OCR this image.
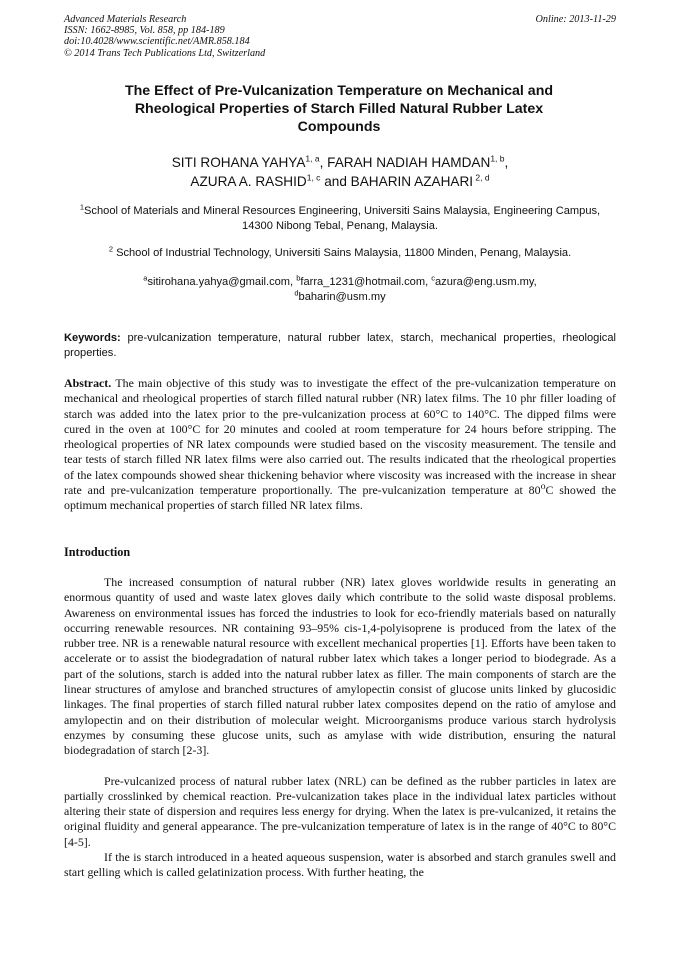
Advanced Materials Research
ISSN: 1662-8985, Vol. 858, pp 184-189
doi:10.4028/www.scientific.net/AMR.858.184
© 2014 Trans Tech Publications Ltd, Switzerland
Online: 2013-11-29
The Effect of Pre-Vulcanization Temperature on Mechanical and Rheological Properties of Starch Filled Natural Rubber Latex Compounds
SITI ROHANA YAHYA$^{1, a}$, FARAH NADIAH HAMDAN$^{1, b}$,
AZURA A. RASHID$^{1, c}$ and BAHARIN AZAHARI $^{2, d}$
$^1$School of Materials and Mineral Resources Engineering, Universiti Sains Malaysia, Engineering Campus, 14300 Nibong Tebal, Penang, Malaysia.
$^2$ School of Industrial Technology, Universiti Sains Malaysia, 11800 Minden, Penang, Malaysia.
$^a$sitirohana.yahya@gmail.com, $^b$farra_1231@hotmail.com, $^c$azura@eng.usm.my,
$^d$baharin@usm.my
Keywords: pre-vulcanization temperature, natural rubber latex, starch, mechanical properties, rheological properties.
Abstract. The main objective of this study was to investigate the effect of the pre-vulcanization temperature on mechanical and rheological properties of starch filled natural rubber (NR) latex films. The 10 phr filler loading of starch was added into the latex prior to the pre-vulcanization process at 60°C to 140°C. The dipped films were cured in the oven at 100°C for 20 minutes and cooled at room temperature for 24 hours before stripping. The rheological properties of NR latex compounds were studied based on the viscosity measurement. The tensile and tear tests of starch filled NR latex films were also carried out. The results indicated that the rheological properties of the latex compounds showed shear thickening behavior where viscosity was increased with the increase in shear rate and pre-vulcanization temperature proportionally. The pre-vulcanization temperature at 80$^o$C showed the optimum mechanical properties of starch filled NR latex films.
Introduction

The increased consumption of natural rubber (NR) latex gloves worldwide results in generating an enormous quantity of used and waste latex gloves daily which contribute to the solid waste disposal problems. Awareness on environmental issues has forced the industries to look for eco-friendly materials based on naturally occurring renewable resources. NR containing 93–95% cis-1,4-polyisoprene is produced from the latex of the rubber tree. NR is a renewable natural resource with excellent mechanical properties [1]. Efforts have been taken to accelerate or to assist the biodegradation of natural rubber latex which takes a longer period to biodegrade. As a part of the solutions, starch is added into the natural rubber latex as filler. The main components of starch are the linear structures of amylose and branched structures of amylopectin consist of glucose units linked by glucosidic linkages. The final properties of starch filled natural rubber latex composites depend on the ratio of amylose and amylopectin and on their distribution of molecular weight. Microorganisms produce various starch hydrolysis enzymes by consuming these glucose units, such as amylase with wide distribution, ensuring the natural biodegradation of starch [2-3].

Pre-vulcanized process of natural rubber latex (NRL) can be defined as the rubber particles in latex are partially crosslinked by chemical reaction. Pre-vulcanization takes place in the individual latex particles without altering their state of dispersion and requires less energy for drying. When the latex is pre-vulcanized, it retains the original fluidity and general appearance. The pre-vulcanization temperature of latex is in the range of 40°C to 80°C [4-5].

If the is starch introduced in a heated aqueous suspension, water is absorbed and starch granules swell and start gelling which is called gelatinization process. With further heating, the
